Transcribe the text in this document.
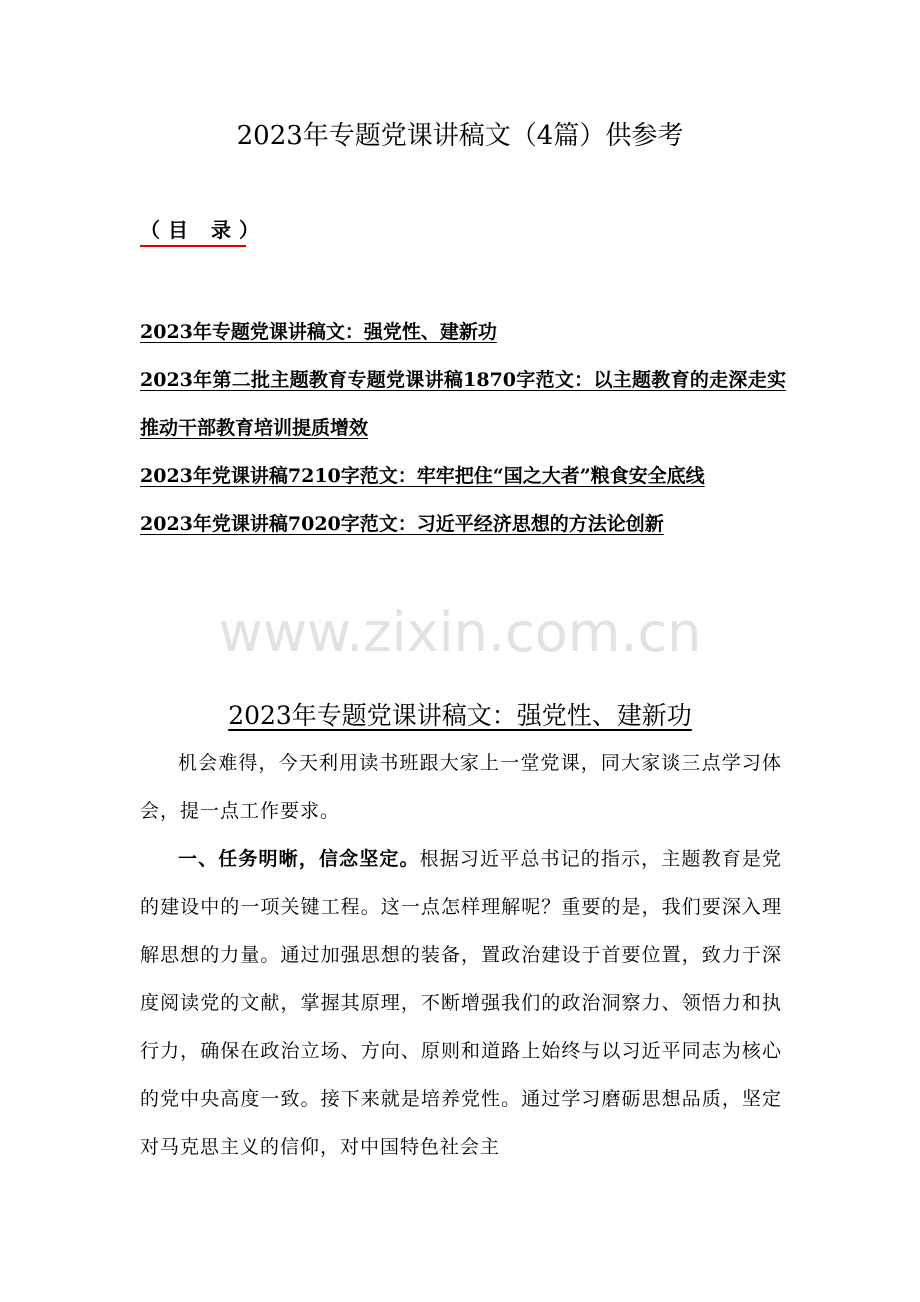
2023年专题党课讲稿文（4篇）供参考
（目 录）
2023年专题党课讲稿文：强党性、建新功
2023年第二批主题教育专题党课讲稿1870字范文：以主题教育的走深走实推动干部教育培训提质增效
2023年党课讲稿7210字范文：牢牢把住“国之大者”粮食安全底线
2023年党课讲稿7020字范文：习近平经济思想的方法论创新
www.zixin.com.cn
2023年专题党课讲稿文：强党性、建新功

机会难得，今天利用读书班跟大家上一堂党课，同大家谈三点学习体会，提一点工作要求。

一、任务明晰，信念坚定。根据习近平总书记的指示，主题教育是党的建设中的一项关键工程。这一点怎样理解呢？重要的是，我们要深入理解思想的力量。通过加强思想的装备，置政治建设于首要位置，致力于深度阅读党的文献，掌握其原理，不断增强我们的政治洞察力、领悟力和执行力，确保在政治立场、方向、原则和道路上始终与以习近平同志为核心的党中央高度一致。接下来就是培养党性。通过学习磨砺思想品质，坚定对马克思主义的信仰，对中国特色社会主
